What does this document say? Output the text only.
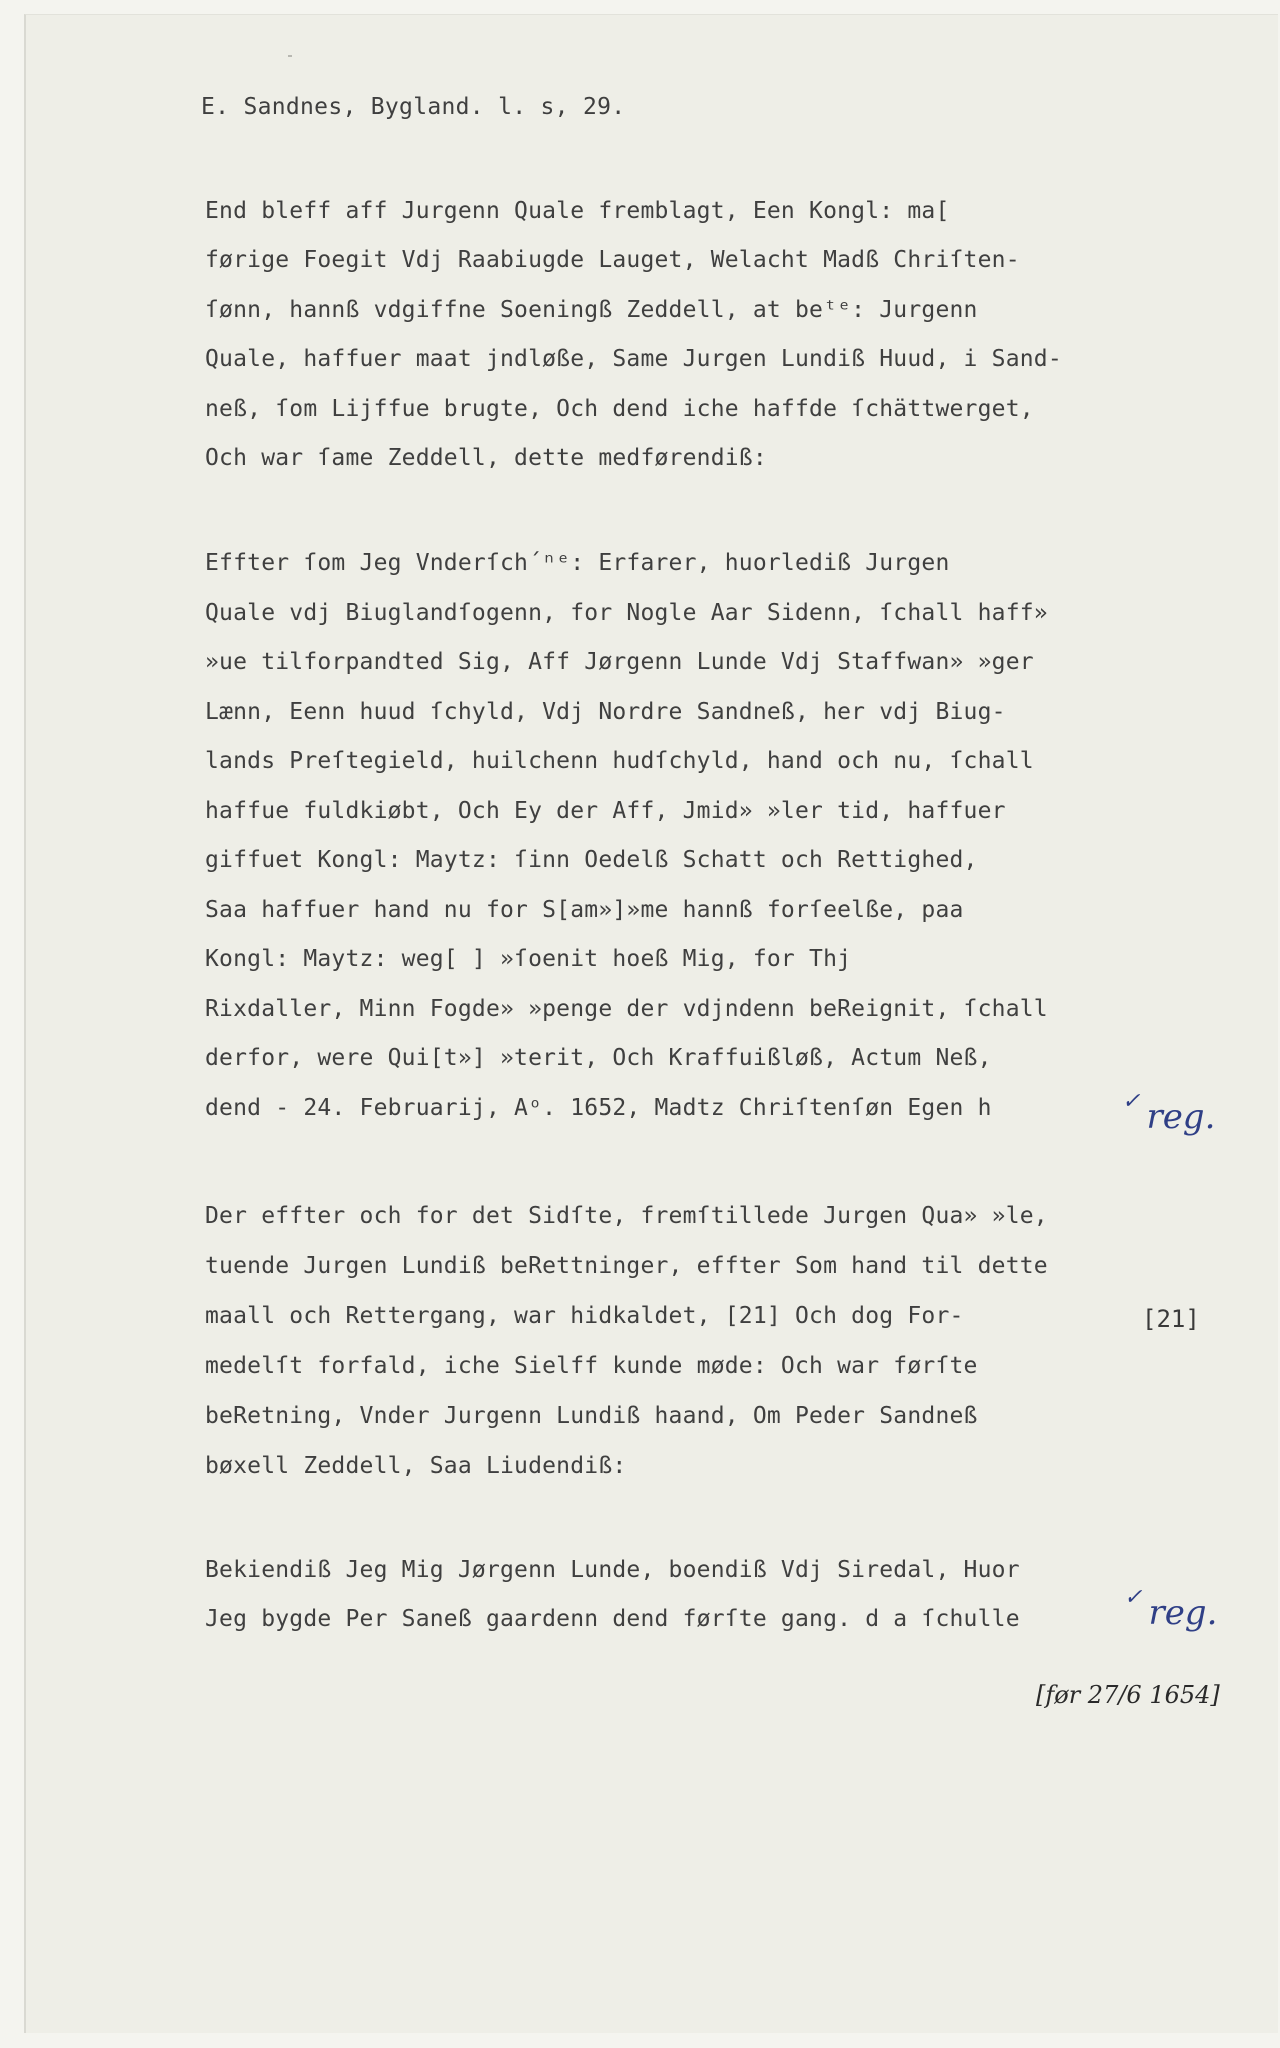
E. Sandnes, Bygland. l. s, 29.
End bleff aff Jurgenn Quale fremblagt, Een Kongl: ma[
førige Foegit Vdj Raabiugde Lauget, Welacht Madß Chriſten-
ſønn, hannß vdgiffne Soeningß Zeddell, at beᵗᵉ: Jurgenn
Quale, haffuer maat jndløße, Same Jurgen Lundiß Huud, i Sand-
neß, ſom Lijffue brugte, Och dend iche haffde ſchättwerget,
Och war ſame Zeddell, dette medførendiß:
Effter ſom Jeg Vnderſch´ⁿᵉ: Erfarer, huorlediß Jurgen
Quale vdj Biuglandſogenn, for Nogle Aar Sidenn, ſchall haff»
»ue tilforpandted Sig, Aff Jørgenn Lunde Vdj Staffwan» »ger
Lænn, Eenn huud ſchyld, Vdj Nordre Sandneß, her vdj Biug-
lands Preſtegield, huilchenn hudſchyld, hand och nu, ſchall
haffue fuldkiøbt, Och Ey der Aff, Jmid» »ler tid, haffuer
giffuet Kongl: Maytz: ſinn Oedelß Schatt och Rettighed,
Saa haffuer hand nu for S[am»]»me hannß forſeelße, paa
Kongl: Maytz: weg[ ] »ſoenit hoeß Mig, for Thj
Rixdaller, Minn Fogde» »penge der vdjndenn beReignit, ſchall
derfor, were Qui[t»] »terit, Och Kraffuißløß, Actum Neß,
dend - 24. Februarij, Aᵒ. 1652, Madtz Chriſtenſøn Egen h
Der effter och for det Sidſte, fremſtillede Jurgen Qua» »le,
tuende Jurgen Lundiß beRettninger, effter Som hand til dette
maall och Rettergang, war hidkaldet, [21] Och dog For-
medelſt forfald, iche Sielff kunde møde: Och war førſte
beRetning, Vnder Jurgenn Lundiß haand, Om Peder Sandneß
bøxell Zeddell, Saa Liudendiß:
Bekiendiß Jeg Mig Jørgenn Lunde, boendiß Vdj Siredal, Huor
Jeg bygde Per Saneß gaardenn dend førſte gang. d a ſchulle
[21]
✓ reg.
✓ reg.
[før 27/6 1654]
